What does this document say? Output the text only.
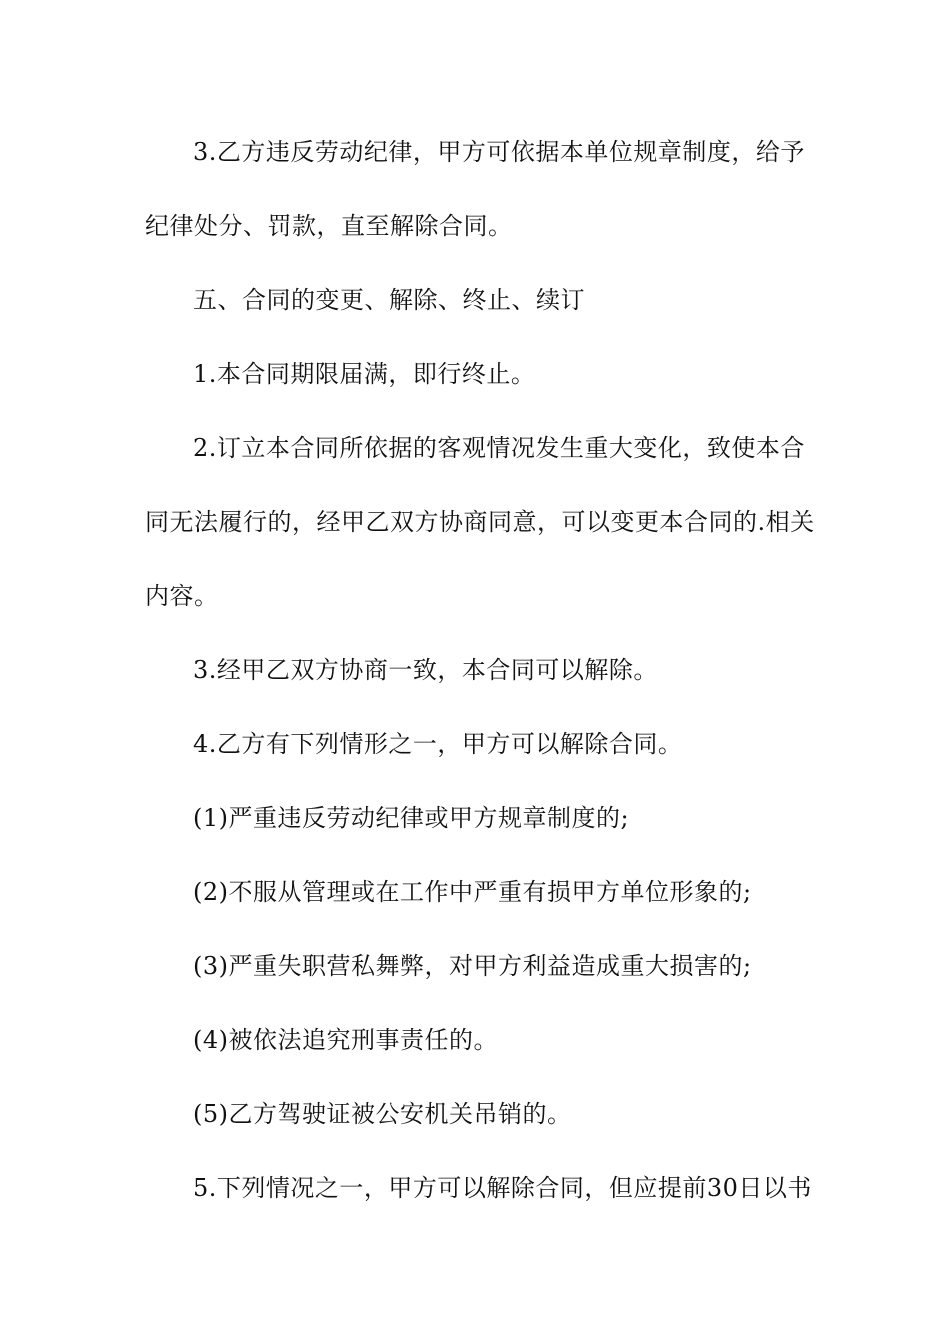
3.乙方违反劳动纪律，甲方可依据本单位规章制度，给予

纪律处分、罚款，直至解除合同。

五、合同的变更、解除、终止、续订

1.本合同期限届满，即行终止。

2.订立本合同所依据的客观情况发生重大变化，致使本合

同无法履行的，经甲乙双方协商同意，可以变更本合同的.相关

内容。

3.经甲乙双方协商一致，本合同可以解除。

4.乙方有下列情形之一，甲方可以解除合同。

(1)严重违反劳动纪律或甲方规章制度的;

(2)不服从管理或在工作中严重有损甲方单位形象的;

(3)严重失职营私舞弊，对甲方利益造成重大损害的;

(4)被依法追究刑事责任的。

(5)乙方驾驶证被公安机关吊销的。

5.下列情况之一，甲方可以解除合同，但应提前30日以书
